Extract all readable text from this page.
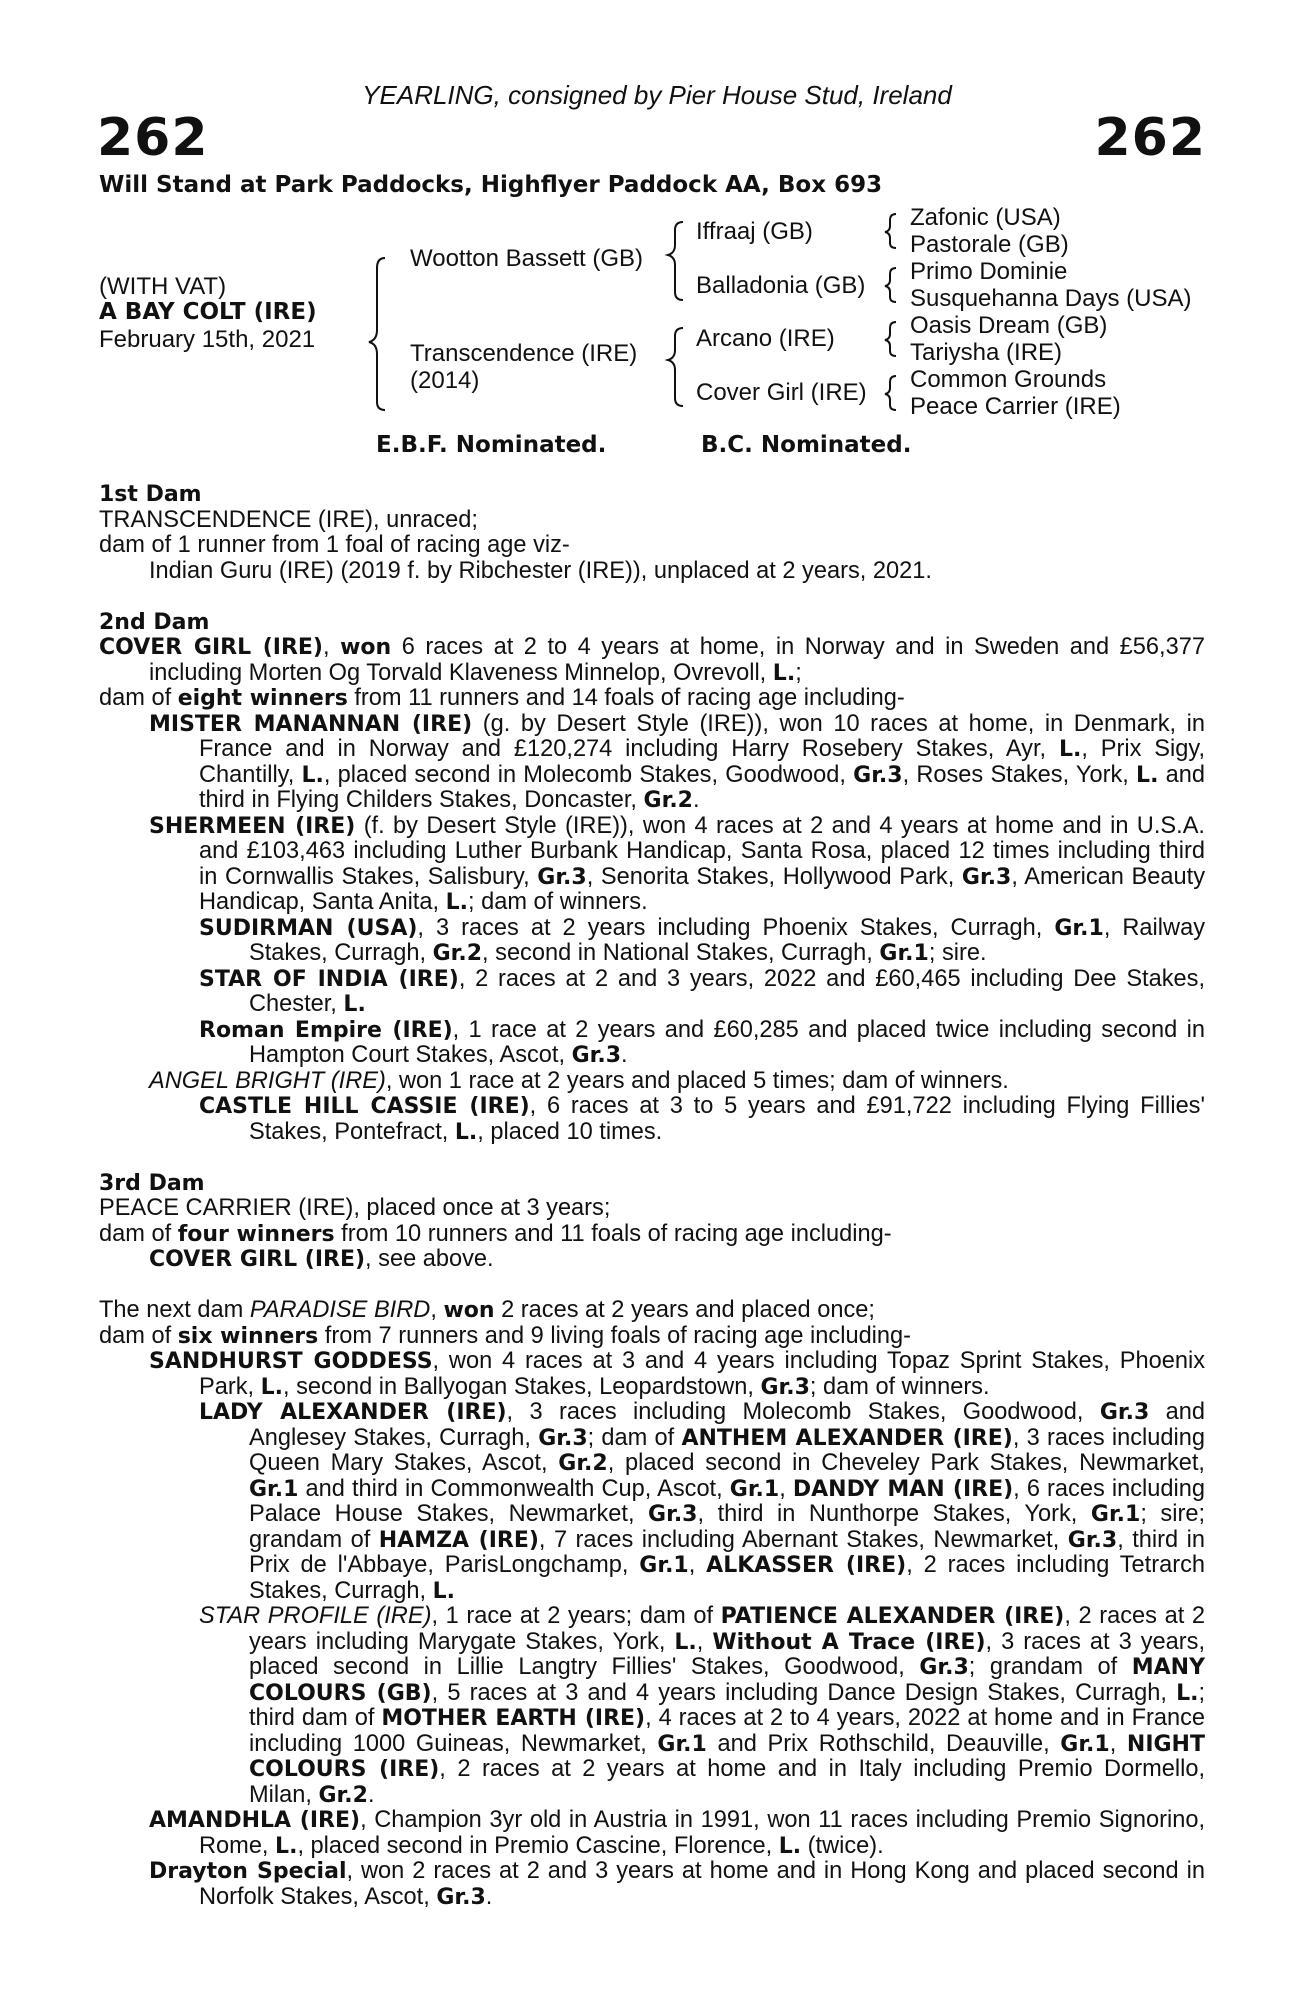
YEARLING, consigned by Pier House Stud, Ireland
262	262
Will Stand at Park Paddocks, Highflyer Paddock AA, Box 693
(WITH VAT)
A BAY COLT (IRE)
February 15th, 2021
Wootton Bassett (GB)
Transcendence (IRE)
(2014)
Iffraaj (GB)
Balladonia (GB)
Arcano (IRE)
Cover Girl (IRE)
Zafonic (USA)
Pastorale (GB)
Primo Dominie
Susquehanna Days (USA)
Oasis Dream (GB)
Tariysha (IRE)
Common Grounds
Peace Carrier (IRE)
E.B.F. Nominated.	B.C. Nominated.

1st Dam

TRANSCENDENCE (IRE), unraced;

dam of 1 runner from 1 foal of racing age viz-

Indian Guru (IRE) (2019 f. by Ribchester (IRE)), unplaced at 2 years, 2021.

2nd Dam

COVER GIRL (IRE), won 6 races at 2 to 4 years at home, in Norway and in Sweden and £56,377 including Morten Og Torvald Klaveness Minnelop, Ovrevoll, L.;

dam of eight winners from 11 runners and 14 foals of racing age including-

MISTER MANANNAN (IRE) (g. by Desert Style (IRE)), won 10 races at home, in Denmark, in France and in Norway and £120,274 including Harry Rosebery Stakes, Ayr, L., Prix Sigy, Chantilly, L., placed second in Molecomb Stakes, Goodwood, Gr.3, Roses Stakes, York, L. and third in Flying Childers Stakes, Doncaster, Gr.2.

SHERMEEN (IRE) (f. by Desert Style (IRE)), won 4 races at 2 and 4 years at home and in U.S.A. and £103,463 including Luther Burbank Handicap, Santa Rosa, placed 12 times including third in Cornwallis Stakes, Salisbury, Gr.3, Senorita Stakes, Hollywood Park, Gr.3, American Beauty Handicap, Santa Anita, L.; dam of winners.

SUDIRMAN (USA), 3 races at 2 years including Phoenix Stakes, Curragh, Gr.1, Railway Stakes, Curragh, Gr.2, second in National Stakes, Curragh, Gr.1; sire.

STAR OF INDIA (IRE), 2 races at 2 and 3 years, 2022 and £60,465 including Dee Stakes, Chester, L.

Roman Empire (IRE), 1 race at 2 years and £60,285 and placed twice including second in Hampton Court Stakes, Ascot, Gr.3.

ANGEL BRIGHT (IRE), won 1 race at 2 years and placed 5 times; dam of winners.

CASTLE HILL CASSIE (IRE), 6 races at 3 to 5 years and £91,722 including Flying Fillies' Stakes, Pontefract, L., placed 10 times.

3rd Dam

PEACE CARRIER (IRE), placed once at 3 years;

dam of four winners from 10 runners and 11 foals of racing age including-

COVER GIRL (IRE), see above.

The next dam PARADISE BIRD, won 2 races at 2 years and placed once;

dam of six winners from 7 runners and 9 living foals of racing age including-

SANDHURST GODDESS, won 4 races at 3 and 4 years including Topaz Sprint Stakes, Phoenix Park, L., second in Ballyogan Stakes, Leopardstown, Gr.3; dam of winners.

LADY ALEXANDER (IRE), 3 races including Molecomb Stakes, Goodwood, Gr.3 and Anglesey Stakes, Curragh, Gr.3; dam of ANTHEM ALEXANDER (IRE), 3 races including Queen Mary Stakes, Ascot, Gr.2, placed second in Cheveley Park Stakes, Newmarket, Gr.1 and third in Commonwealth Cup, Ascot, Gr.1, DANDY MAN (IRE), 6 races including Palace House Stakes, Newmarket, Gr.3, third in Nunthorpe Stakes, York, Gr.1; sire; grandam of HAMZA (IRE), 7 races including Abernant Stakes, Newmarket, Gr.3, third in Prix de l'Abbaye, ParisLongchamp, Gr.1, ALKASSER (IRE), 2 races including Tetrarch Stakes, Curragh, L.

STAR PROFILE (IRE), 1 race at 2 years; dam of PATIENCE ALEXANDER (IRE), 2 races at 2 years including Marygate Stakes, York, L., Without A Trace (IRE), 3 races at 3 years, placed second in Lillie Langtry Fillies' Stakes, Goodwood, Gr.3; grandam of MANY COLOURS (GB), 5 races at 3 and 4 years including Dance Design Stakes, Curragh, L.; third dam of MOTHER EARTH (IRE), 4 races at 2 to 4 years, 2022 at home and in France including 1000 Guineas, Newmarket, Gr.1 and Prix Rothschild, Deauville, Gr.1, NIGHT COLOURS (IRE), 2 races at 2 years at home and in Italy including Premio Dormello, Milan, Gr.2.

AMANDHLA (IRE), Champion 3yr old in Austria in 1991, won 11 races including Premio Signorino, Rome, L., placed second in Premio Cascine, Florence, L. (twice).

Drayton Special, won 2 races at 2 and 3 years at home and in Hong Kong and placed second in Norfolk Stakes, Ascot, Gr.3.
